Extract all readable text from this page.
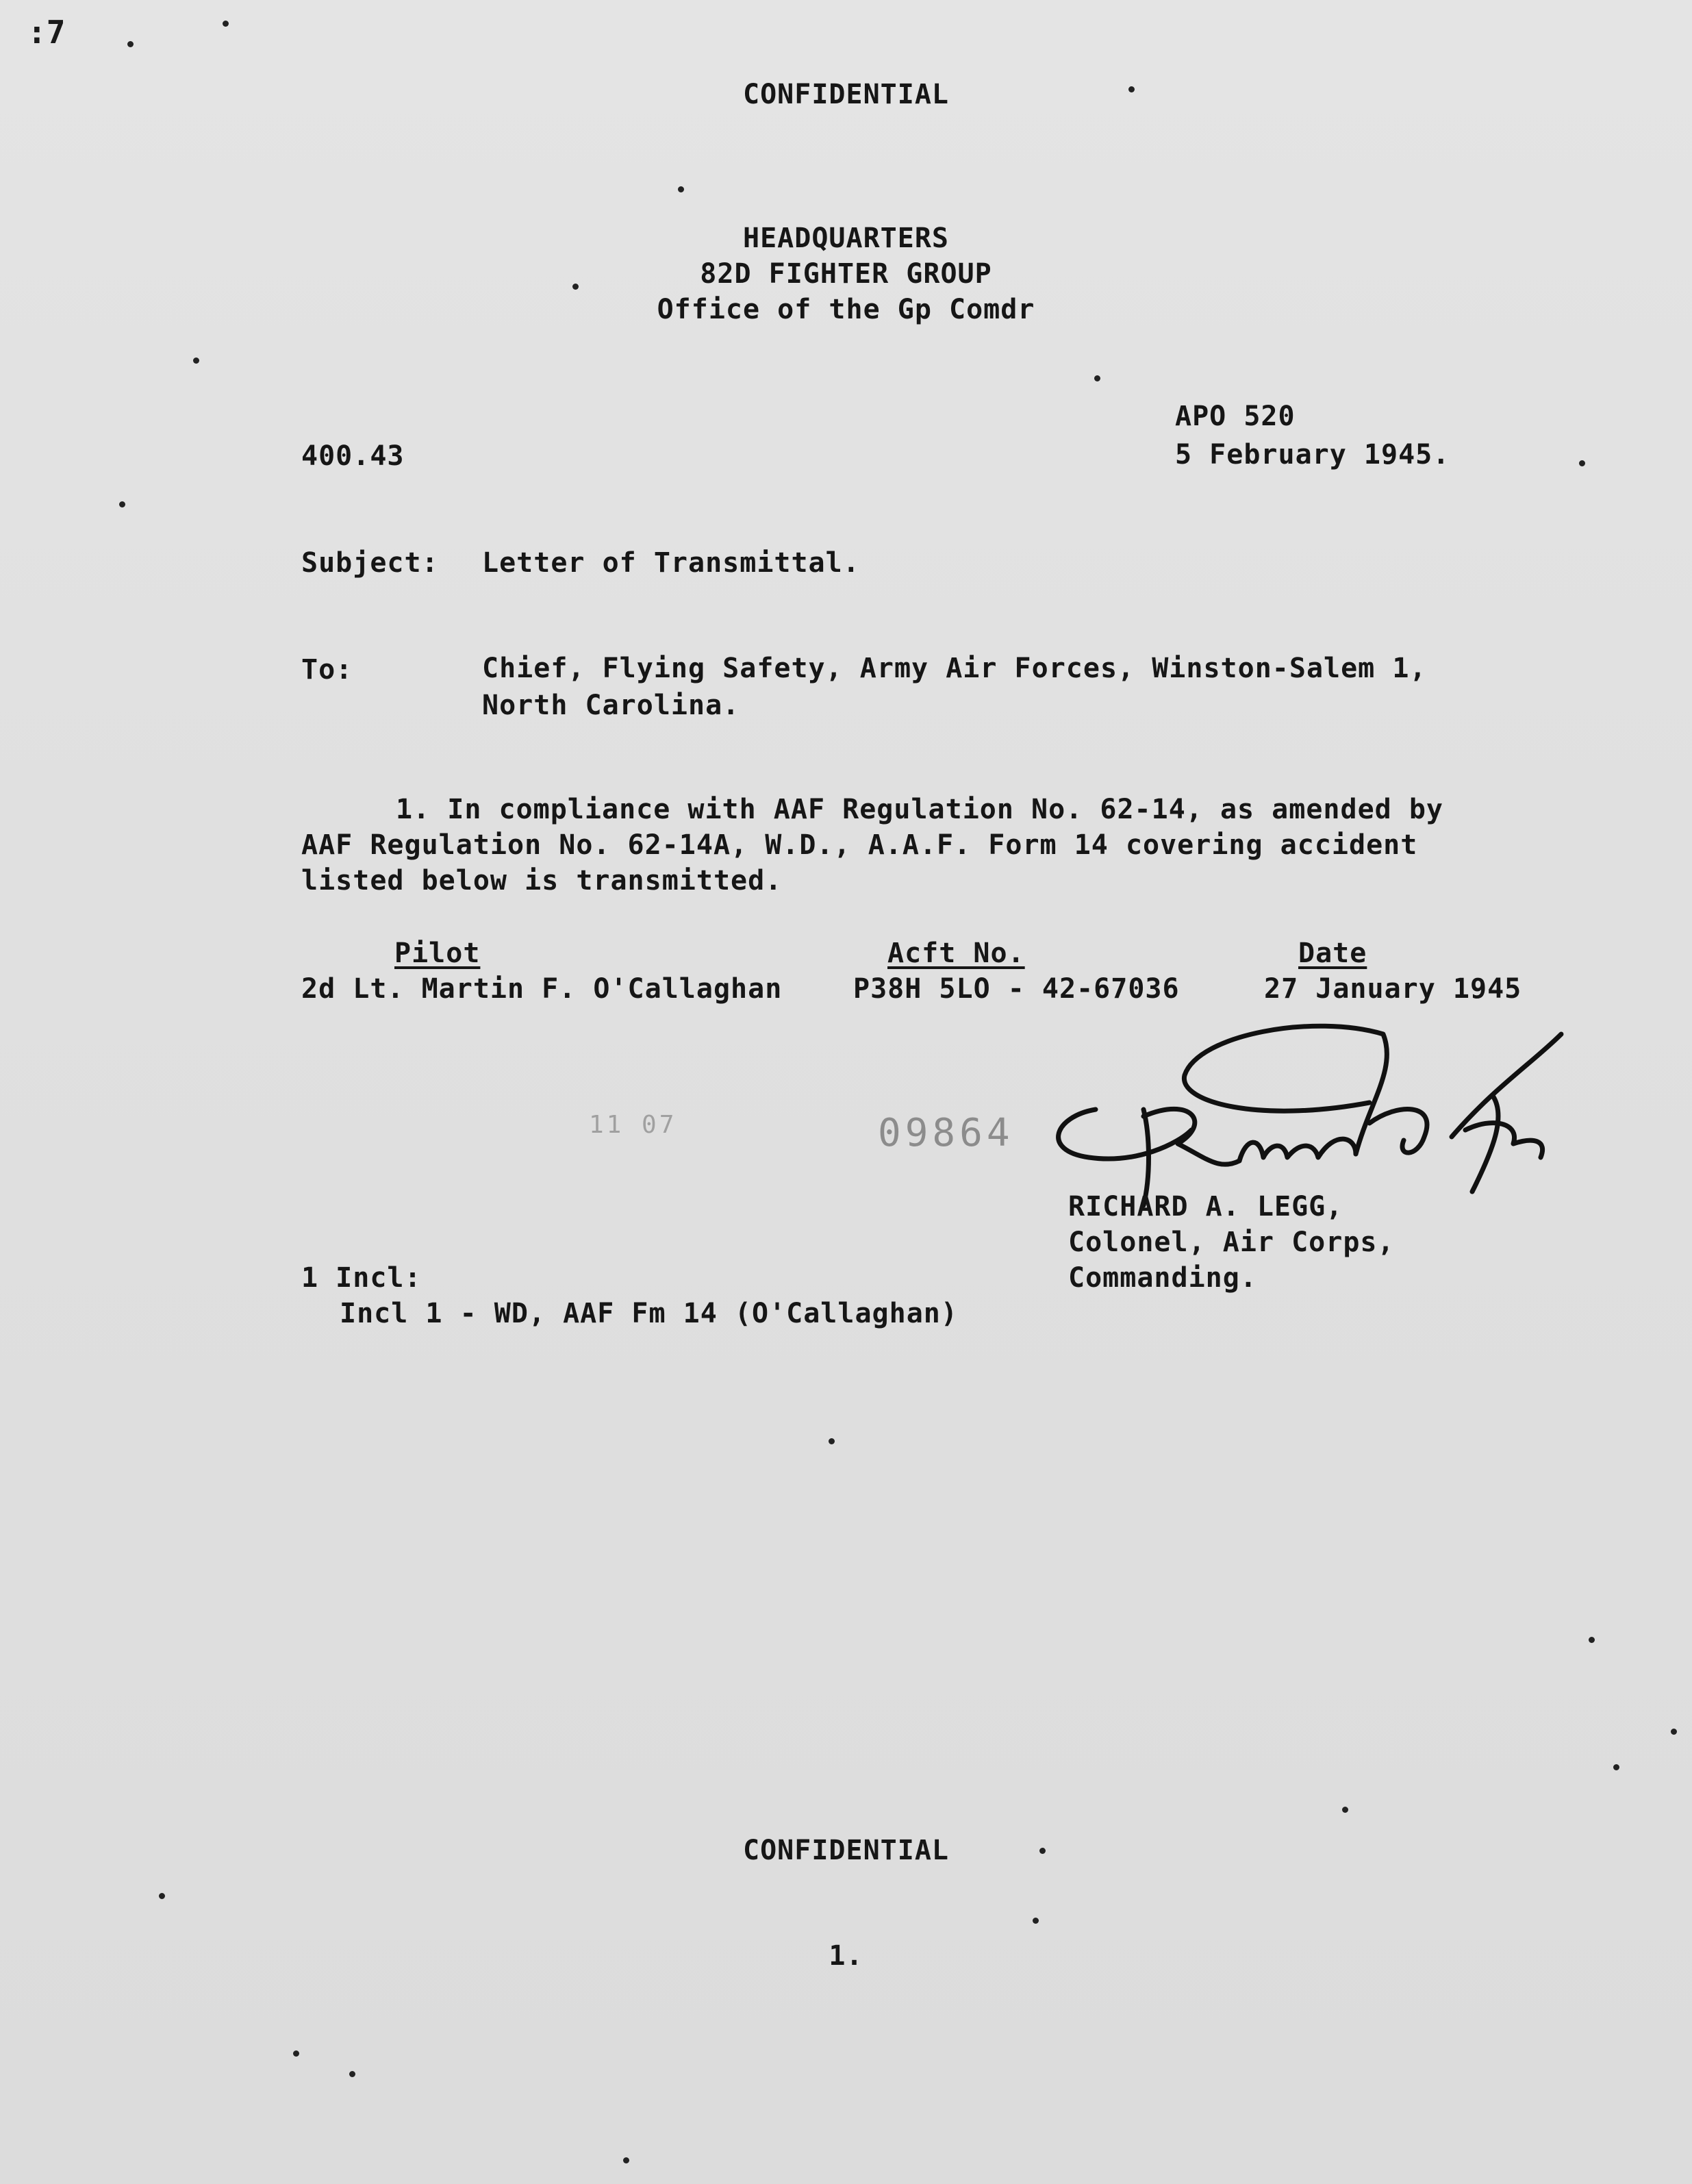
:7
CONFIDENTIAL
HEADQUARTERS
82D FIGHTER GROUP
Office of the Gp Comdr
APO 520
5 February 1945.
400.43
Subject: Letter of Transmittal.
To:	Chief, Flying Safety, Army Air Forces, Winston-Salem 1,
North Carolina.
1. In compliance with AAF Regulation No. 62-14, as amended by
AAF Regulation No. 62-14A, W.D., A.A.F. Form 14 covering accident
listed below is transmitted.
Pilot	Acft No.	Date
2d Lt. Martin F. O'Callaghan	P38H 5LO - 42-67036	27 January 1945
11 07	09864
RICHARD A. LEGG,
Colonel, Air Corps,
Commanding.
1 Incl:
Incl 1 - WD, AAF Fm 14 (O'Callaghan)
CONFIDENTIAL
1.
